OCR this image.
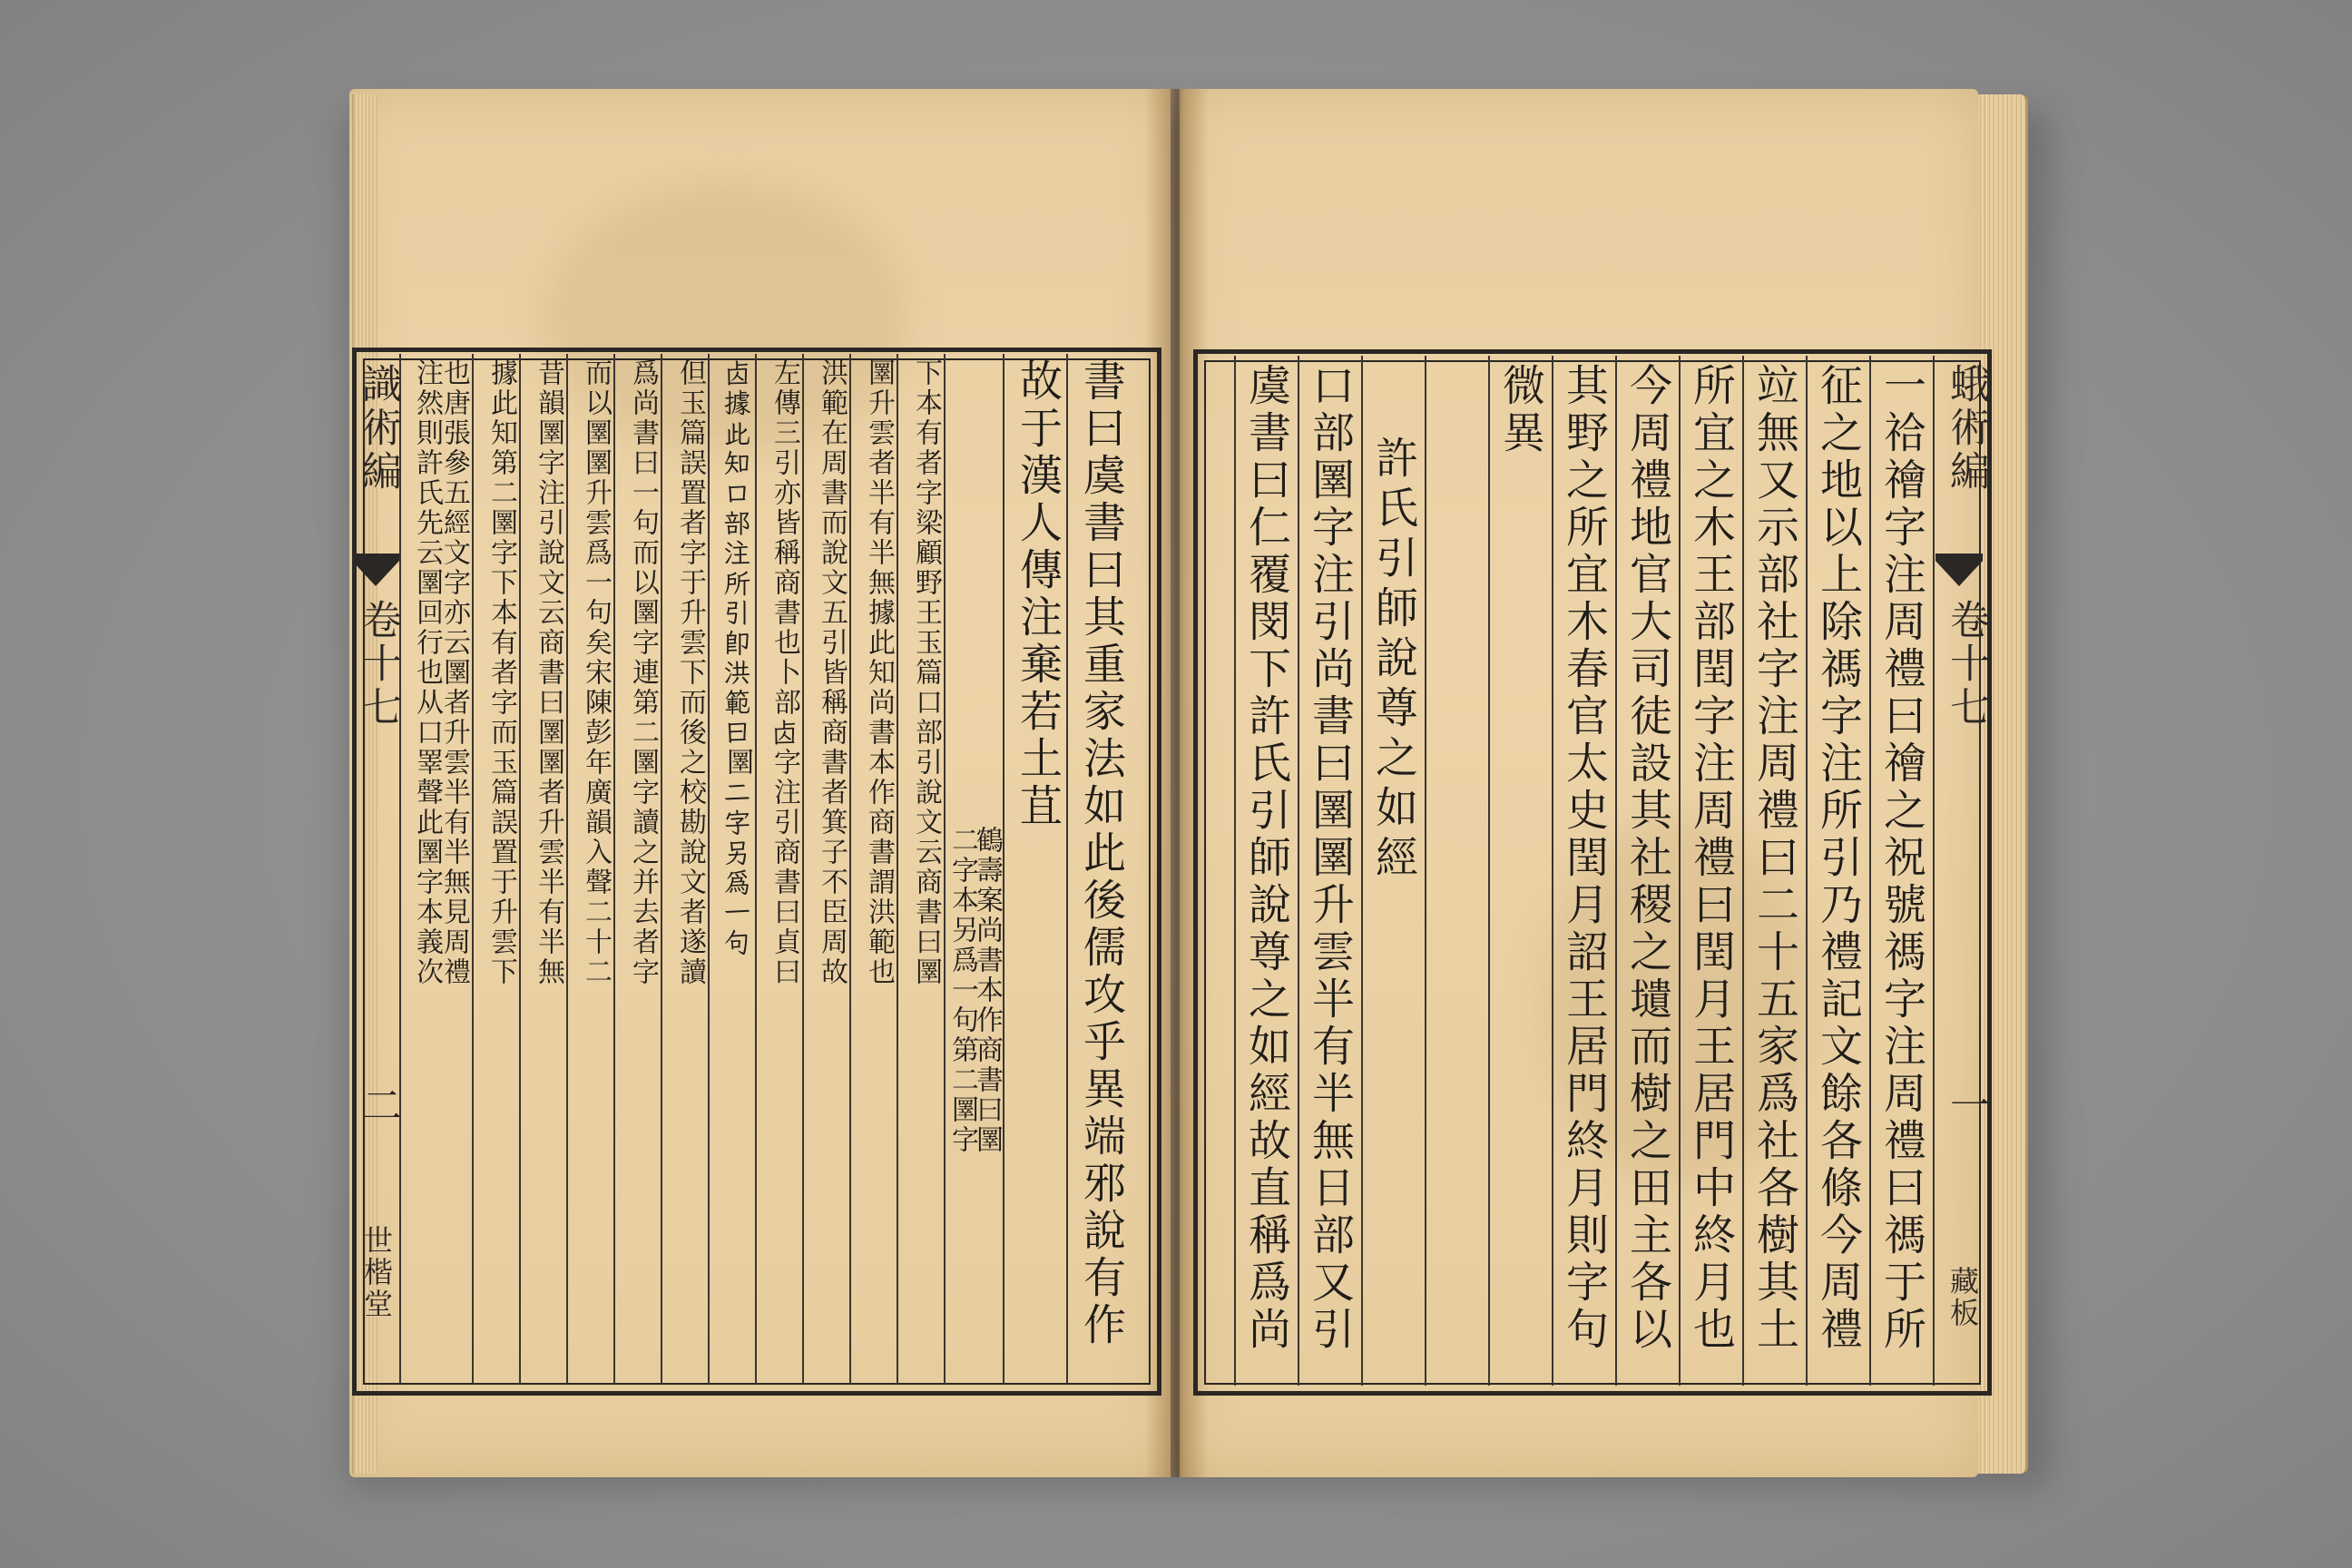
識術編
卷十七
二
世楷堂	書曰虞書曰其重家法如此後儒攻乎異端邪說有作
故于漢人傳注棄若土苴
鶴壽案尚書本作商書曰圛
二字本另爲一句第二圛字
下本有者字梁顧野王玉篇口部引說文云商書曰圛
圛升雲者半有半無據此知尚書本作商書謂洪範也
洪範在周書而說文五引皆稱商書者箕子不臣周故
左傳三引亦皆稱商書也卜部𠧚字注引商書曰貞曰
𠧚據此知口部注所引卽洪範曰圛二字另爲一句
但玉篇誤置者字于升雲下而後之校勘說文者遂讀
爲尚書曰一句而以圛字連第二圛字讀之并去者字
而以圛圛升雲爲一句矣宋陳彭年廣韻入聲二十二
昔韻圛字注引說文云商書曰圛圛者升雲半有半無
據此知第二圛字下本有者字而玉篇誤置于升雲下
也唐張參五經文字亦云圛者升雲半有半無見周禮
注然則許氏先云圛回行也从口睪聲此圛字本義次	蛾術編
卷十七
一
藏板
一祫禬字注周禮曰禬之祝號禡字注周禮曰禡于所
征之地以上除禡字注所引乃禮記文餘各條今周禮
竝無又示部社字注周禮曰二十五家爲社各樹其土
所宜之木王部閏字注周禮曰閏月王居門中終月也
今周禮地官大司徒設其社稷之壝而樹之田主各以
其野之所宜木春官太史閏月詔王居門終月則字句
微異
許氏引師說尊之如經
口部圛字注引尚書曰圛圛升雲半有半無日部又引
虞書曰仁覆閔下許氏引師說尊之如經故直稱爲尚
